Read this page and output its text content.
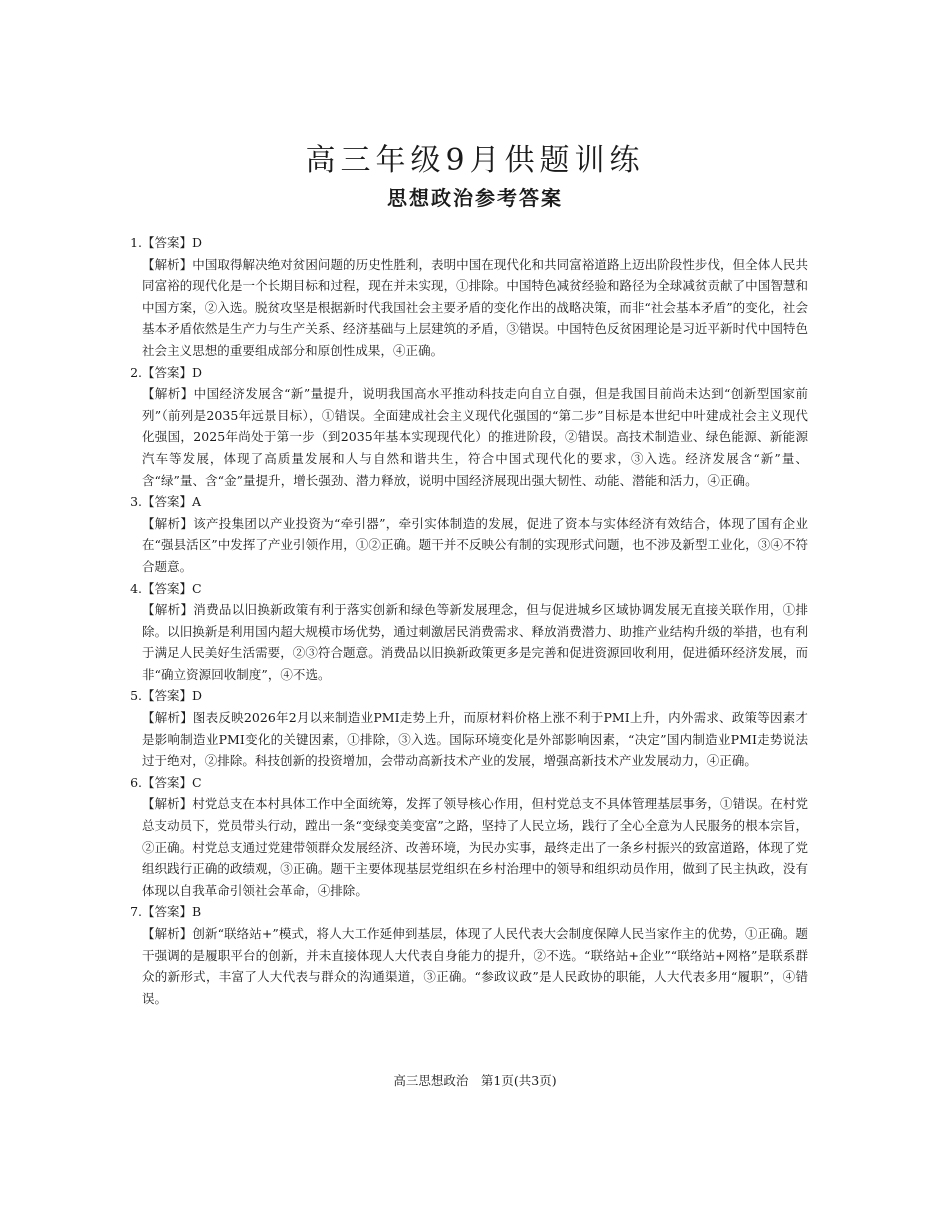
高三年级9月供题训练
思想政治参考答案

1. 【答案】D

【解析】中国取得解决绝对贫困问题的历史性胜利，表明中国在现代化和共同富裕道路上迈出阶段性步伐，但全体人民共同富裕的现代化是一个长期目标和过程，现在并未实现，①排除。中国特色减贫经验和路径为全球减贫贡献了中国智慧和中国方案，②入选。脱贫攻坚是根据新时代我国社会主要矛盾的变化作出的战略决策，而非“社会基本矛盾”的变化，社会基本矛盾依然是生产力与生产关系、经济基础与上层建筑的矛盾，③错误。中国特色反贫困理论是习近平新时代中国特色社会主义思想的重要组成部分和原创性成果，④正确。

2. 【答案】D

【解析】中国经济发展含“新”量提升，说明我国高水平推动科技走向自立自强，但是我国目前尚未达到“创新型国家前列”（前列是2035年远景目标），①错误。全面建成社会主义现代化强国的“第二步”目标是本世纪中叶建成社会主义现代化强国，2025年尚处于第一步（到2035年基本实现现代化）的推进阶段，②错误。高技术制造业、绿色能源、新能源汽车等发展，体现了高质量发展和人与自然和谐共生，符合中国式现代化的要求，③入选。经济发展含“新”量、含“绿”量、含“金”量提升，增长强劲、潜力释放，说明中国经济展现出强大韧性、动能、潜能和活力，④正确。

3. 【答案】A

【解析】该产投集团以产业投资为“牵引器”，牵引实体制造的发展，促进了资本与实体经济有效结合，体现了国有企业在“强县活区”中发挥了产业引领作用，①②正确。题干并不反映公有制的实现形式问题，也不涉及新型工业化，③④不符合题意。

4. 【答案】C

【解析】消费品以旧换新政策有利于落实创新和绿色等新发展理念，但与促进城乡区域协调发展无直接关联作用，①排除。以旧换新是利用国内超大规模市场优势，通过刺激居民消费需求、释放消费潜力、助推产业结构升级的举措，也有利于满足人民美好生活需要，②③符合题意。消费品以旧换新政策更多是完善和促进资源回收利用，促进循环经济发展，而非“确立资源回收制度”，④不选。

5. 【答案】D

【解析】图表反映2026年2月以来制造业PMI走势上升，而原材料价格上涨不利于PMI上升，内外需求、政策等因素才是影响制造业PMI变化的关键因素，①排除，③入选。国际环境变化是外部影响因素，“决定”国内制造业PMI走势说法过于绝对，②排除。科技创新的投资增加，会带动高新技术产业的发展，增强高新技术产业发展动力，④正确。

6. 【答案】C

【解析】村党总支在本村具体工作中全面统筹，发挥了领导核心作用，但村党总支不具体管理基层事务，①错误。在村党总支动员下，党员带头行动，蹚出一条“变绿变美变富”之路，坚持了人民立场，践行了全心全意为人民服务的根本宗旨，②正确。村党总支通过党建带领群众发展经济、改善环境，为民办实事，最终走出了一条乡村振兴的致富道路，体现了党组织践行正确的政绩观，③正确。题干主要体现基层党组织在乡村治理中的领导和组织动员作用，做到了民主执政，没有体现以自我革命引领社会革命，④排除。

7. 【答案】B

【解析】创新“联络站+”模式，将人大工作延伸到基层，体现了人民代表大会制度保障人民当家作主的优势，①正确。题干强调的是履职平台的创新，并未直接体现人大代表自身能力的提升，②不选。“联络站+企业”“联络站+网格”是联系群众的新形式，丰富了人大代表与群众的沟通渠道，③正确。“参政议政”是人民政协的职能，人大代表多用“履职”，④错误。

高三思想政治　第1页(共3页)
